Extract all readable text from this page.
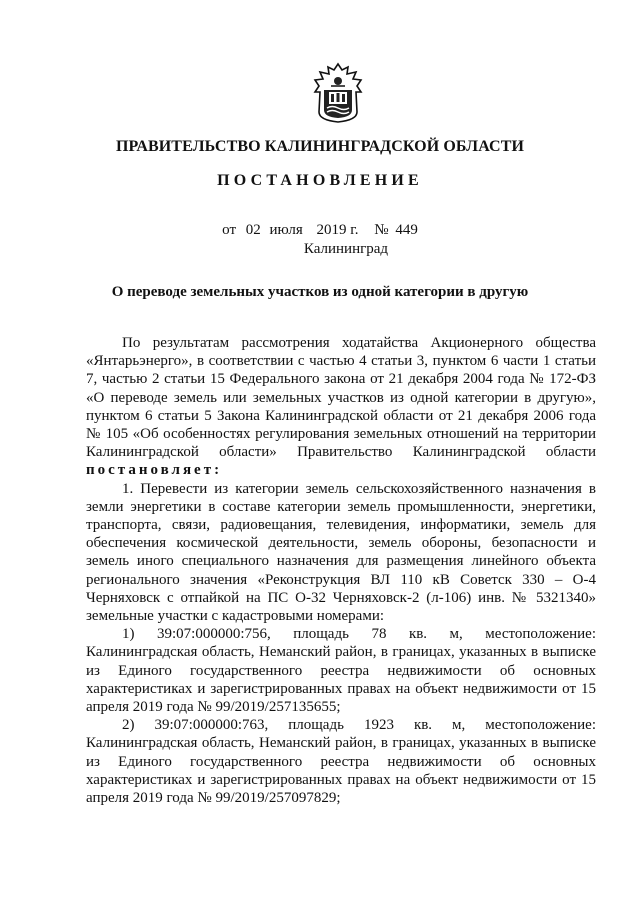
ПРАВИТЕЛЬСТВО КАЛИНИНГРАДСКОЙ ОБЛАСТИ
ПОСТАНОВЛЕНИЕ
от 02 июля 2019 г. № 449
Калининград
О переводе земельных участков из одной категории в другую

По результатам рассмотрения ходатайства Акционерного общества «Янтарьэнерго», в соответствии с частью 4 статьи 3, пунктом 6 части 1 статьи 7, частью 2 статьи 15 Федерального закона от 21 декабря 2004 года № 172-ФЗ «О переводе земель или земельных участков из одной категории в другую», пунктом 6 статьи 5 Закона Калининградской области от 21 декабря 2006 года № 105 «Об особенностях регулирования земельных отношений на территории Калининградской области» Правительство Калининградской области постановляет:

1. Перевести из категории земель сельскохозяйственного назначения в земли энергетики в составе категории земель промышленности, энергетики, транспорта, связи, радиовещания, телевидения, информатики, земель для обеспечения космической деятельности, земель обороны, безопасности и земель иного специального назначения для размещения линейного объекта регионального значения «Реконструкция ВЛ 110 кВ Советск 330 – О-4 Черняховск с отпайкой на ПС О-32 Черняховск-2 (л-106) инв. № 5321340» земельные участки с кадастровыми номерами:

1) 39:07:000000:756, площадь 78 кв. м, местоположение: Калининградская область, Неманский район, в границах, указанных в выписке из Единого государственного реестра недвижимости об основных характеристиках и зарегистрированных правах на объект недвижимости от 15 апреля 2019 года № 99/2019/257135655;

2) 39:07:000000:763, площадь 1923 кв. м, местоположение: Калининградская область, Неманский район, в границах, указанных в выписке из Единого государственного реестра недвижимости об основных характеристиках и зарегистрированных правах на объект недвижимости от 15 апреля 2019 года № 99/2019/257097829;
